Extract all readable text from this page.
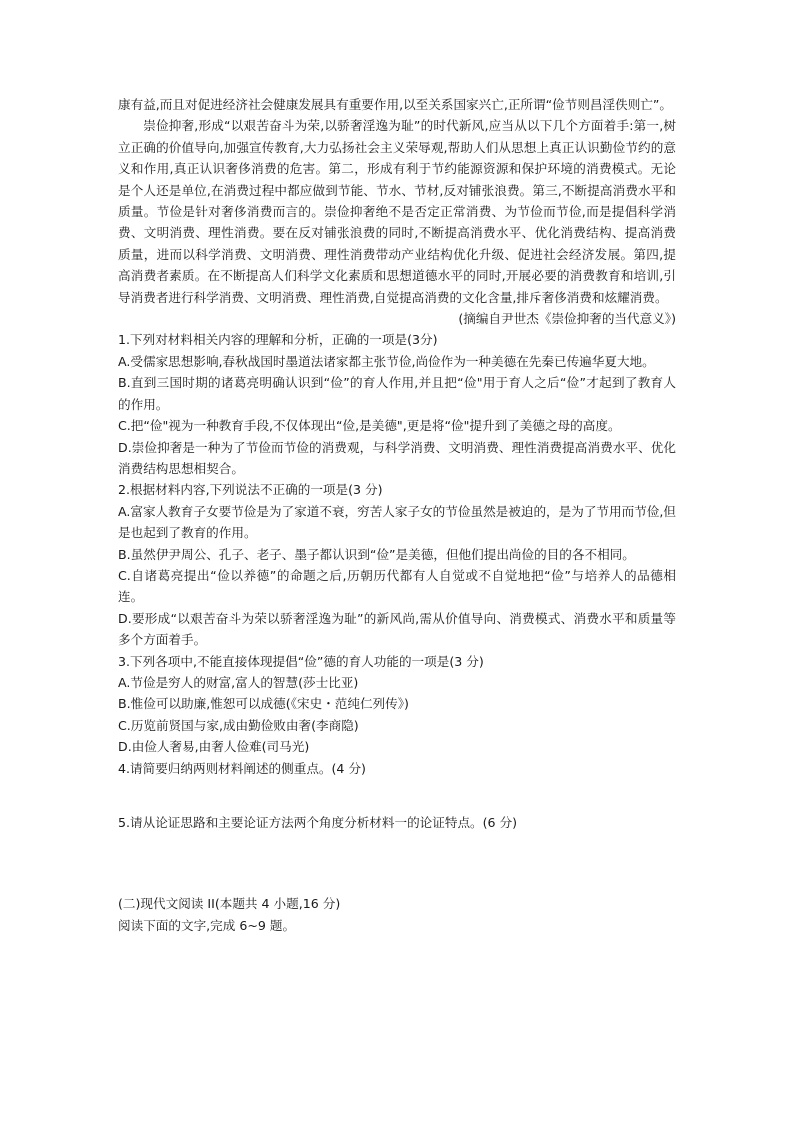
康有益,而且对促进经济社会健康发展具有重要作用,以至关系国家兴亡,正所谓“俭节则昌淫佚则亡”。

崇俭抑奢,形成“以艰苦奋斗为荣,以骄奢淫逸为耻”的时代新风,应当从以下几个方面着手:第一,树立正确的价值导向,加强宣传教育,大力弘扬社会主义荣辱观,帮助人们从思想上真正认识勤俭节约的意义和作用,真正认识奢侈消费的危害。第二，形成有利于节约能源资源和保护环境的消费模式。无论是个人还是单位,在消费过程中都应做到节能、节水、节材,反对铺张浪费。第三,不断提高消费水平和质量。节俭是针对奢侈消费而言的。崇俭抑奢绝不是否定正常消费、为节俭而节俭,而是提倡科学消费、文明消费、理性消费。要在反对铺张浪费的同时,不断提高消费水平、优化消费结构、提高消费质量，进而以科学消费、文明消费、理性消费带动产业结构优化升级、促进社会经济发展。第四,提高消费者素质。在不断提高人们科学文化素质和思想道德水平的同时,开展必要的消费教育和培训,引导消费者进行科学消费、文明消费、理性消费,自觉提高消费的文化含量,排斥奢侈消费和炫耀消费。

(摘编自尹世杰《崇俭抑奢的当代意义》)

1.下列对材料相关内容的理解和分析，正确的一项是(3分)

A.受儒家思想影响,春秋战国时墨道法诸家都主张节俭,尚俭作为一种美德在先秦已传遍华夏大地。

B.直到三国时期的诸葛亮明确认识到“俭”的育人作用,并且把“俭"用于育人之后“俭”才起到了教育人的作用。

C.把“俭"视为一种教育手段,不仅体现出“俭,是美德",更是将“俭"提升到了美德之母的高度。

D.崇俭抑奢是一种为了节俭而节俭的消费观，与科学消费、文明消费、理性消费提高消费水平、优化消费结构思想相契合。

2.根据材料内容,下列说法不正确的一项是(3 分)

A.富家人教育子女要节俭是为了家道不衰，穷苦人家子女的节俭虽然是被迫的，是为了节用而节俭,但是也起到了教育的作用。

B.虽然伊尹周公、孔子、老子、墨子都认识到“俭”是美德，但他们提出尚俭的目的各不相同。

C.自诸葛亮提出“俭以养德”的命题之后,历朝历代都有人自觉或不自觉地把“俭”与培养人的品德相连。

D.要形成“以艰苦奋斗为荣以骄奢淫逸为耻”的新风尚,需从价值导向、消费模式、消费水平和质量等多个方面着手。

3.下列各项中,不能直接体现提倡“俭”德的育人功能的一项是(3 分)

A.节俭是穷人的财富,富人的智慧(莎士比亚)

B.惟俭可以助廉,惟恕可以成德(《宋史・范纯仁列传》)

C.历览前贤国与家,成由勤俭败由奢(李商隐)

D.由俭人奢易,由奢人俭难(司马光)

4.请简要归纳两则材料阐述的侧重点。(4 分)

5.请从论证思路和主要论证方法两个角度分析材料一的论证特点。(6 分)

(二)现代文阅读 II(本题共 4 小题,16 分)

阅读下面的文字,完成 6~9 题。
